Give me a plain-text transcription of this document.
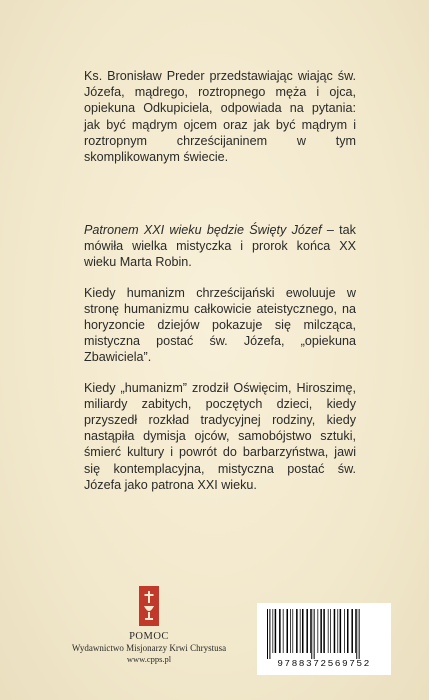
Ks. Bronisław Preder przedstawiając wiając św. Józefa, mądrego, roztropnego męża i ojca, opiekuna Odkupiciela, odpowiada na pytania: jak być mądrym ojcem oraz jak być mądrym i roztropnym chrześcijaninem w tym skomplikowanym świecie.

Patronem XXI wieku będzie Święty Józef – tak mówiła wielka mistyczka i prorok końca XX wieku Marta Robin.

Kiedy humanizm chrześcijański ewoluuje w stronę humanizmu całkowicie ateistycznego, na horyzoncie dziejów pokazuje się milcząca, mistyczna postać św. Józefa, „opiekuna Zbawiciela”.

Kiedy „humanizm” zrodził Oświęcim, Hiroszimę, miliardy zabitych, poczętych dzieci, kiedy przyszedł rozkład tradycyjnej rodziny, kiedy nastąpiła dymisja ojców, samobójstwo sztuki, śmierć kultury i powrót do barbarzyństwa, jawi się kontemplacyjna, mistyczna postać św. Józefa jako patrona XXI wieku.

POMOC
Wydawnictwo Misjonarzy Krwi Chrystusa
www.cpps.pl	9788372569752
